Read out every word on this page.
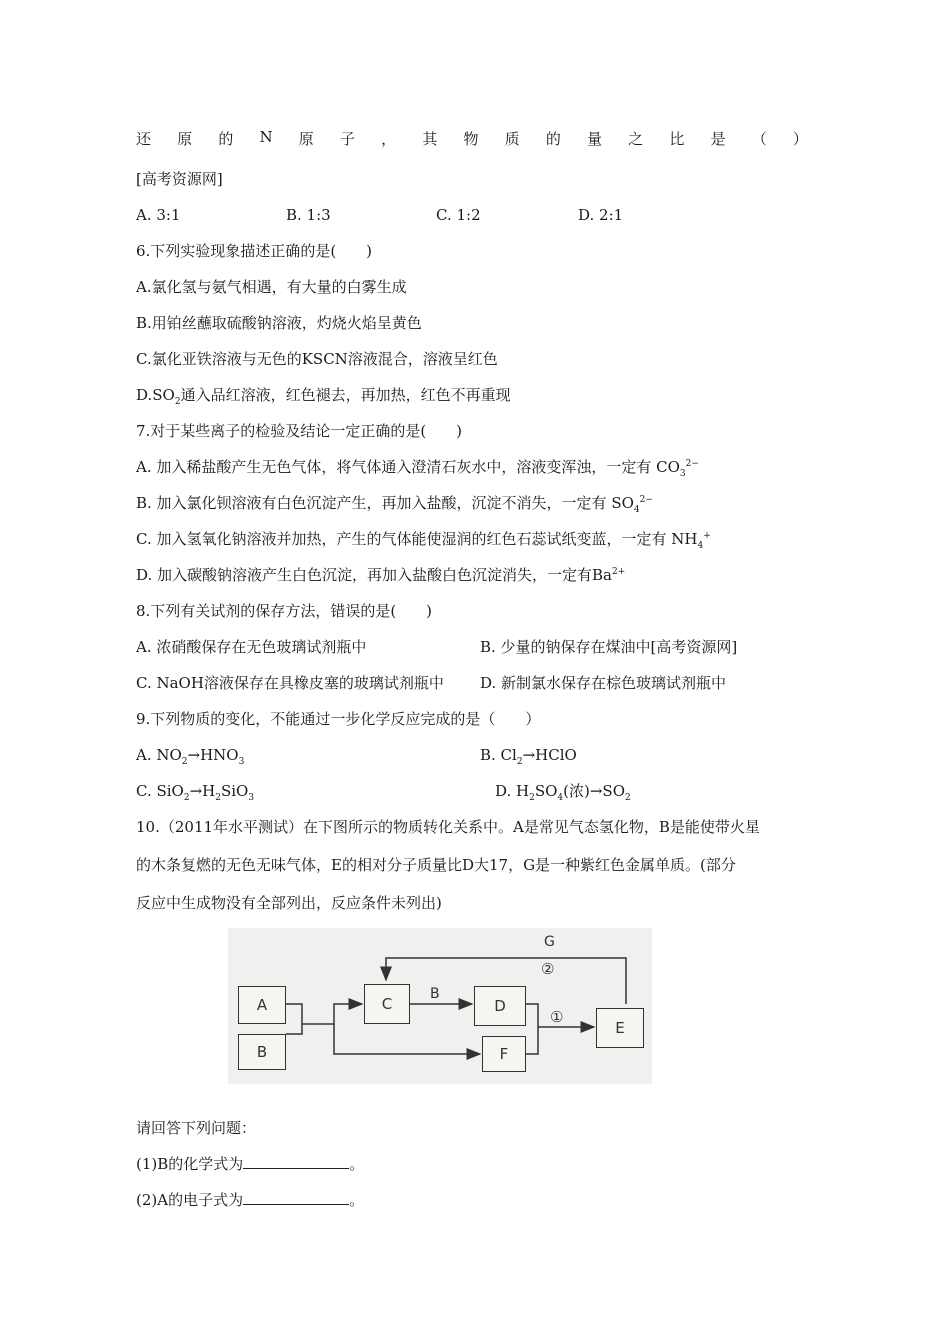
还 原 的 N 原 子 ， 其 物 质 的 量 之 比 是 （ ）
[高考资源网]
A. 3:1	B. 1:3	C. 1:2	D. 2:1
6.下列实验现象描述正确的是(　　)
A.氯化氢与氨气相遇，有大量的白雾生成
B.用铂丝蘸取硫酸钠溶液，灼烧火焰呈黄色
C.氯化亚铁溶液与无色的KSCN溶液混合，溶液呈红色
$D.SO_2$通入品红溶液，红色褪去，再加热，红色不再重现
7.对于某些离子的检验及结论一定正确的是(　　)
A. 加入稀盐酸产生无色气体，将气体通入澄清石灰水中，溶液变浑浊，一定有 $CO_3^{2-}$
B. 加入氯化钡溶液有白色沉淀产生，再加入盐酸，沉淀不消失，一定有 $SO_4^{2-}$
C. 加入氢氧化钠溶液并加热，产生的气体能使湿润的红色石蕊试纸变蓝，一定有 $NH_4^+$
D. 加入碳酸钠溶液产生白色沉淀，再加入盐酸白色沉淀消失，一定有$Ba^{2+}$
8.下列有关试剂的保存方法，错误的是(　　)
A. 浓硝酸保存在无色玻璃试剂瓶中	B. 少量的钠保存在煤油中[高考资源网]
C. NaOH溶液保存在具橡皮塞的玻璃试剂瓶中 D. 新制氯水保存在棕色玻璃试剂瓶中
9.下列物质的变化，不能通过一步化学反应完成的是（　　）
A. $NO_2\to HNO_3$	B. $Cl_2\to HClO$
C. $SiO_2\to H_2SiO_3$	D. $H_2SO_4$(浓)$\to SO_2$
10.（2011年水平测试）在下图所示的物质转化关系中。A是常见气态氢化物，B是能使带火星
的木条复燃的无色无味气体，E的相对分子质量比D大17，G是一种紫红色金属单质。(部分
反应中生成物没有全部列出，反应条件未列出)
A
B
C	D
E
F
G
②
B
①
请回答下列问题：
(1)B的化学式为	。
(2)A的电子式为	。
